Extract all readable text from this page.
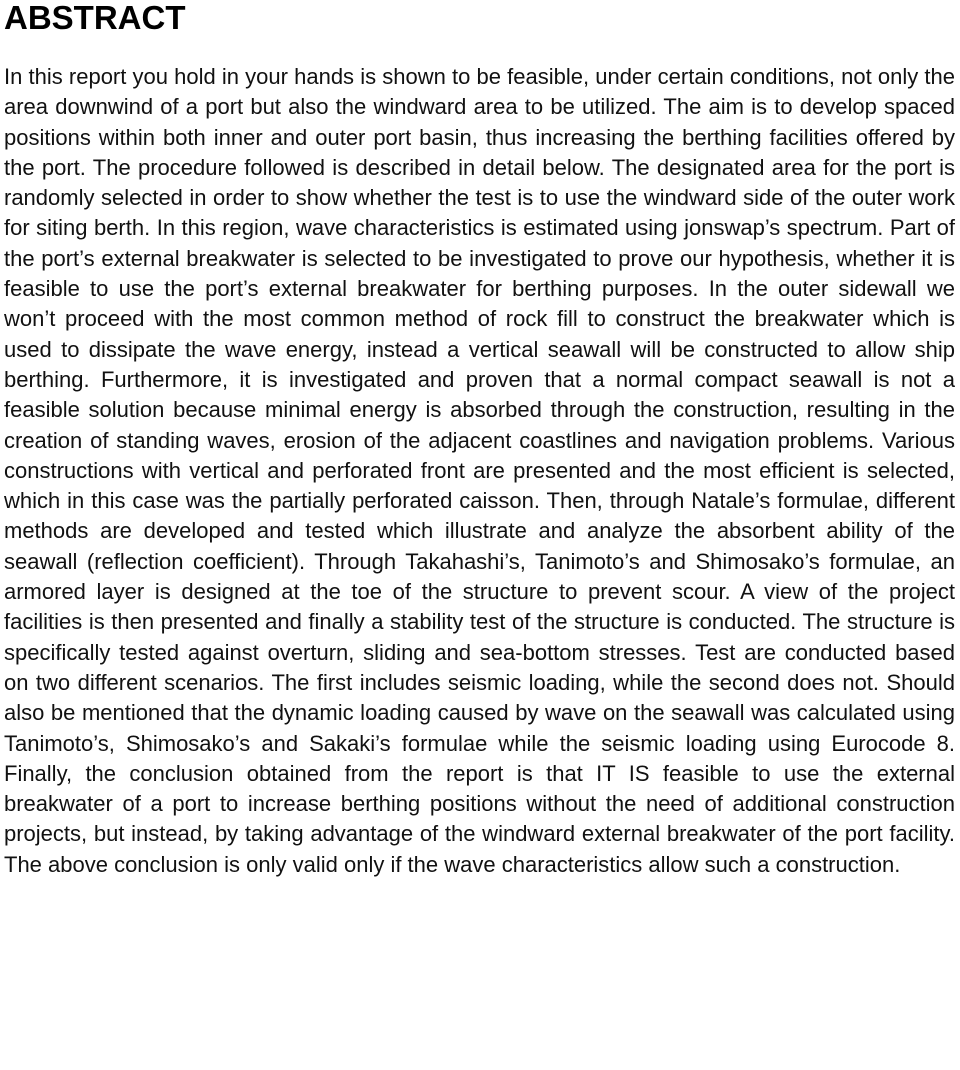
ABSTRACT

In this report you hold in your hands is shown to be feasible, under certain conditions, not only the area downwind of a port but also the windward area to be utilized. The aim is to develop spaced positions within both inner and outer port basin, thus increasing the berthing facilities offered by the port. The procedure followed is described in detail below. The designated area for the port is randomly selected in order to show whether the test is to use the windward side of the outer work for siting berth. In this region, wave characteristics is estimated using jonswap’s spectrum. Part of the port’s external breakwater is selected to be investigated to prove our hypothesis, whether it is feasible to use the port’s external breakwater for berthing purposes. In the outer sidewall we won’t proceed with the most common method of rock fill to construct the breakwater which is used to dissipate the wave energy, instead a vertical seawall will be constructed to allow ship berthing. Furthermore, it is investigated and proven that a normal compact seawall is not a feasible solution because minimal energy is absorbed through the construction, resulting in the creation of standing waves, erosion of the adjacent coastlines and navigation problems. Various constructions with vertical and perforated front are presented and the most efficient is selected, which in this case was the partially perforated caisson. Then, through Natale’s formulae, different methods are developed and tested which illustrate and analyze the absorbent ability of the seawall (reflection coefficient). Through Takahashi’s, Tanimoto’s and Shimosako’s formulae, an armored layer is designed at the toe of the structure to prevent scour. A view of the project facilities is then presented and finally a stability test of the structure is conducted. The structure is specifically tested against overturn, sliding and sea-bottom stresses. Test are conducted based on two different scenarios. The first includes seismic loading, while the second does not. Should also be mentioned that the dynamic loading caused by wave on the seawall was calculated using Tanimoto’s, Shimosako’s and Sakaki’s formulae while the seismic loading using Eurocode 8. Finally, the conclusion obtained from the report is that IT IS feasible to use the external breakwater of a port to increase berthing positions without the need of additional construction projects, but instead, by taking advantage of the windward external breakwater of the port facility. The above conclusion is only valid only if the wave characteristics allow such a construction.
